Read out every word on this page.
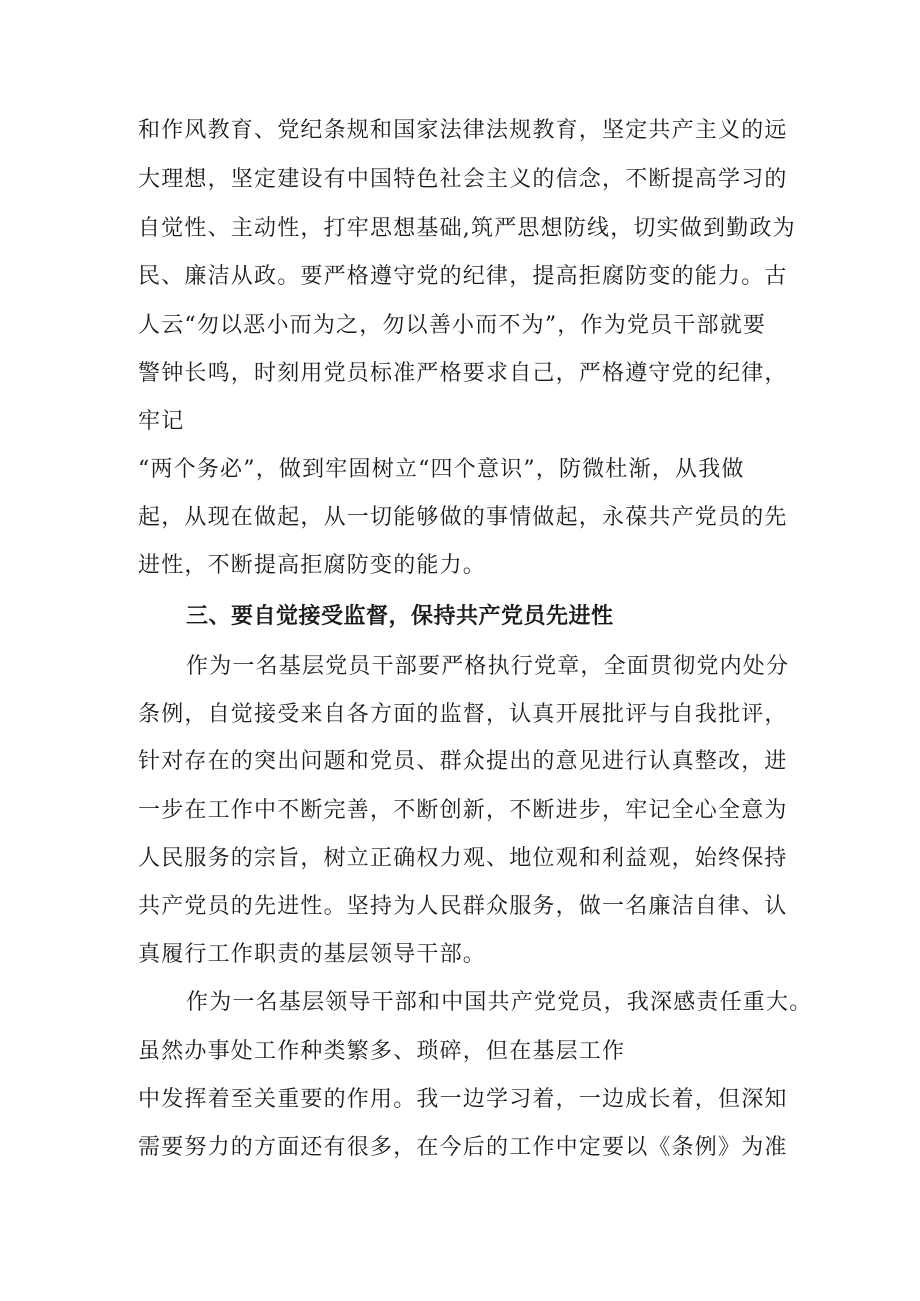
和作风教育、党纪条规和国家法律法规教育，坚定共产主义的远
大理想，坚定建设有中国特色社会主义的信念，不断提高学习的
自觉性、主动性，打牢思想基础,筑严思想防线，切实做到勤政为
民、廉洁从政。要严格遵守党的纪律，提高拒腐防变的能力。古
人云“勿以恶小而为之，勿以善小而不为”，作为党员干部就要
警钟长鸣，时刻用党员标准严格要求自己，严格遵守党的纪律，
牢记
“两个务必”，做到牢固树立“四个意识”，防微杜渐，从我做
起，从现在做起，从一切能够做的事情做起，永葆共产党员的先
进性，不断提高拒腐防变的能力。
三、要自觉接受监督，保持共产党员先进性
作为一名基层党员干部要严格执行党章，全面贯彻党内处分
条例，自觉接受来自各方面的监督，认真开展批评与自我批评，
针对存在的突出问题和党员、群众提出的意见进行认真整改，进
一步在工作中不断完善，不断创新，不断进步，牢记全心全意为
人民服务的宗旨，树立正确权力观、地位观和利益观，始终保持
共产党员的先进性。坚持为人民群众服务，做一名廉洁自律、认
真履行工作职责的基层领导干部。
作为一名基层领导干部和中国共产党党员，我深感责任重大。
虽然办事处工作种类繁多、琐碎，但在基层工作
中发挥着至关重要的作用。我一边学习着，一边成长着，但深知
需要努力的方面还有很多，在今后的工作中定要以《条例》为准
